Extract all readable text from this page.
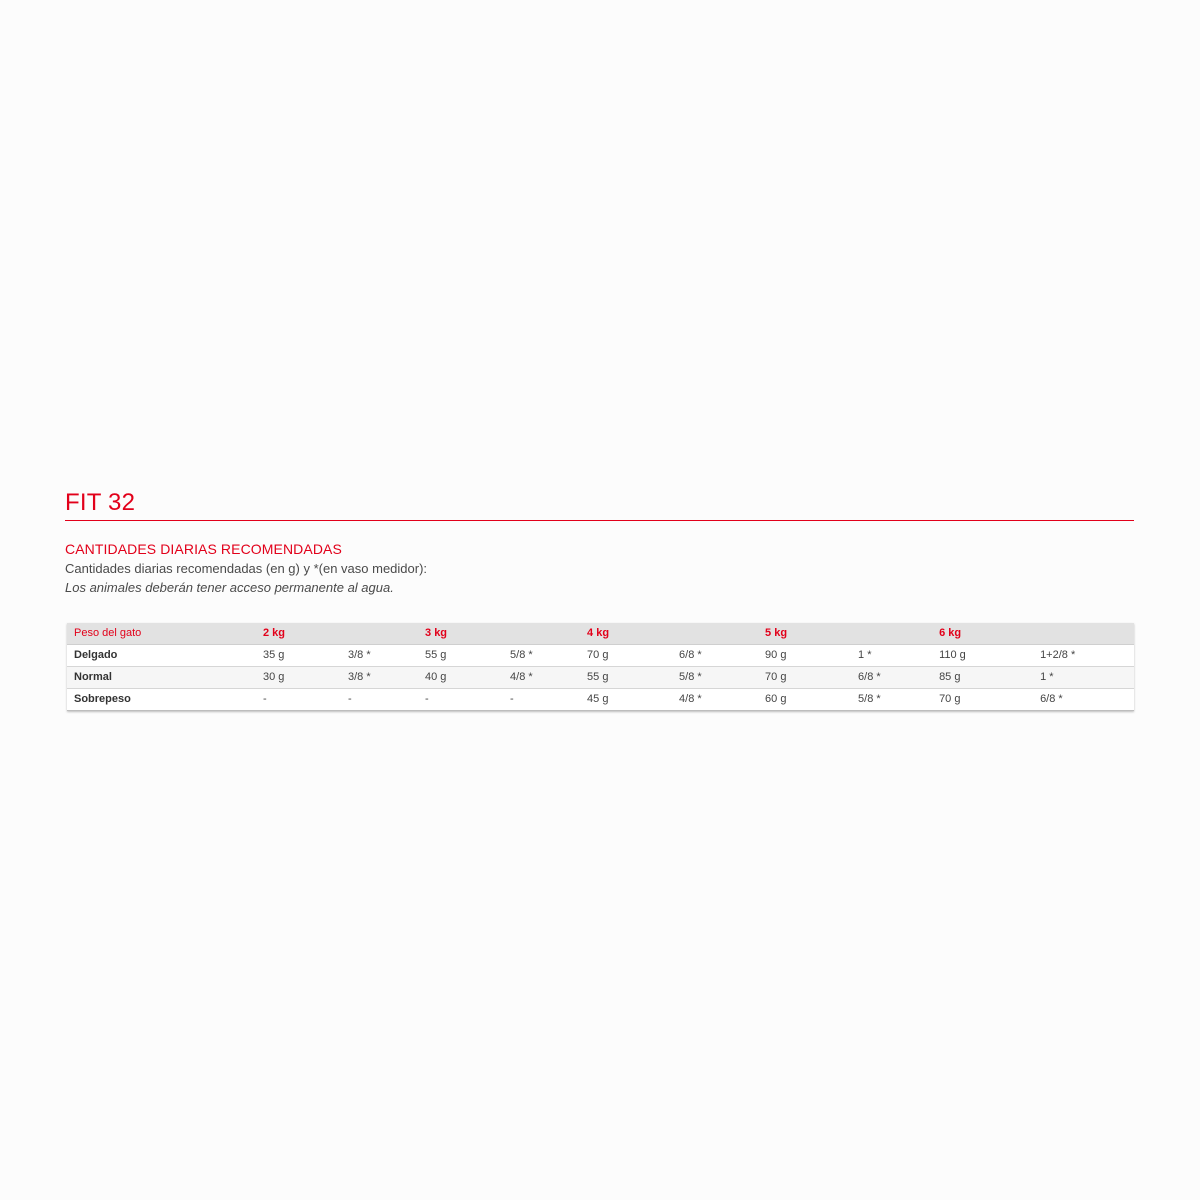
FIT 32
CANTIDADES DIARIAS RECOMENDADAS

Cantidades diarias recomendadas (en g) y *(en vaso medidor):

Los animales deberán tener acceso permanente al agua.

Peso del gato	2 kg		3 kg		4 kg		5 kg		6 kg	
Delgado	35 g	3/8 *	55 g	5/8 *	70 g	6/8 *	90 g	1 *	110 g	1+2/8 *
Normal	30 g	3/8 *	40 g	4/8 *	55 g	5/8 *	70 g	6/8 *	85 g	1 *
Sobrepeso	-	-	-	-	45 g	4/8 *	60 g	5/8 *	70 g	6/8 *
